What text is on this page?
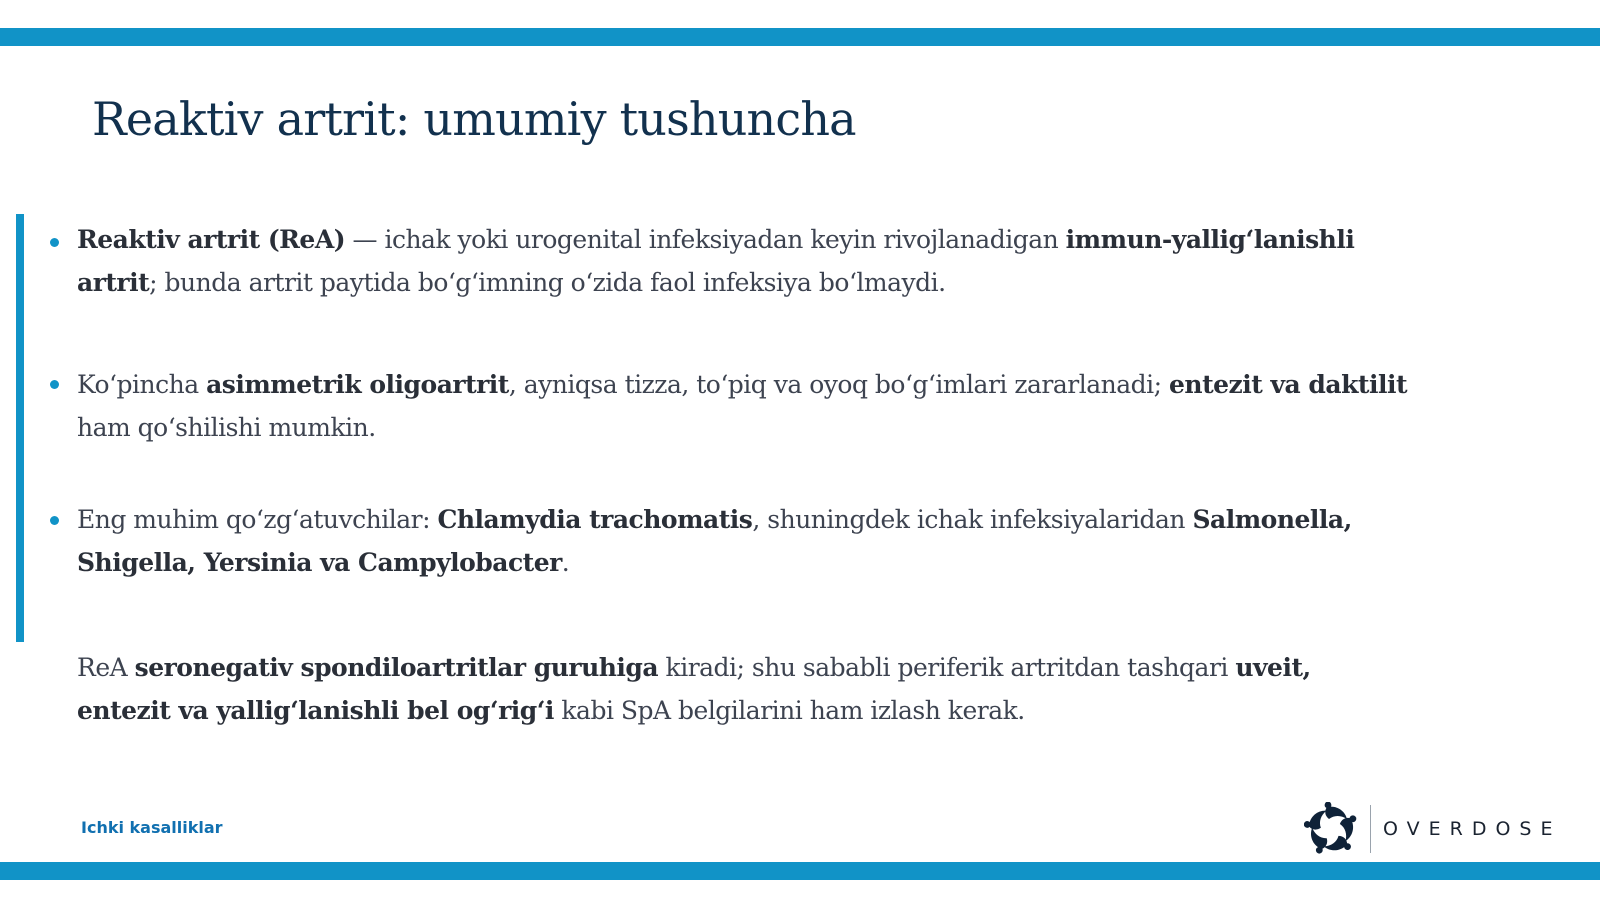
Reaktiv artrit: umumiy tushuncha

Reaktiv artrit (ReA) — ichak yoki urogenital infeksiyadan keyin rivojlanadigan immun-yallig‘lanishli artrit; bunda artrit paytida bo‘g‘imning o‘zida faol infeksiya bo‘lmaydi.

Ko‘pincha asimmetrik oligoartrit, ayniqsa tizza, to‘piq va oyoq bo‘g‘imlari zararlanadi; entezit va daktilit ham qo‘shilishi mumkin.

Eng muhim qo‘zg‘atuvchilar: Chlamydia trachomatis, shuningdek ichak infeksiyalaridan Salmonella, Shigella, Yersinia va Campylobacter.

ReA seronegativ spondiloartritlar guruhiga kiradi; shu sababli periferik artritdan tashqari uveit, entezit va yallig‘lanishli bel og‘rig‘i kabi SpA belgilarini ham izlash kerak.

Ichki kasalliklar	OVERDOSE
